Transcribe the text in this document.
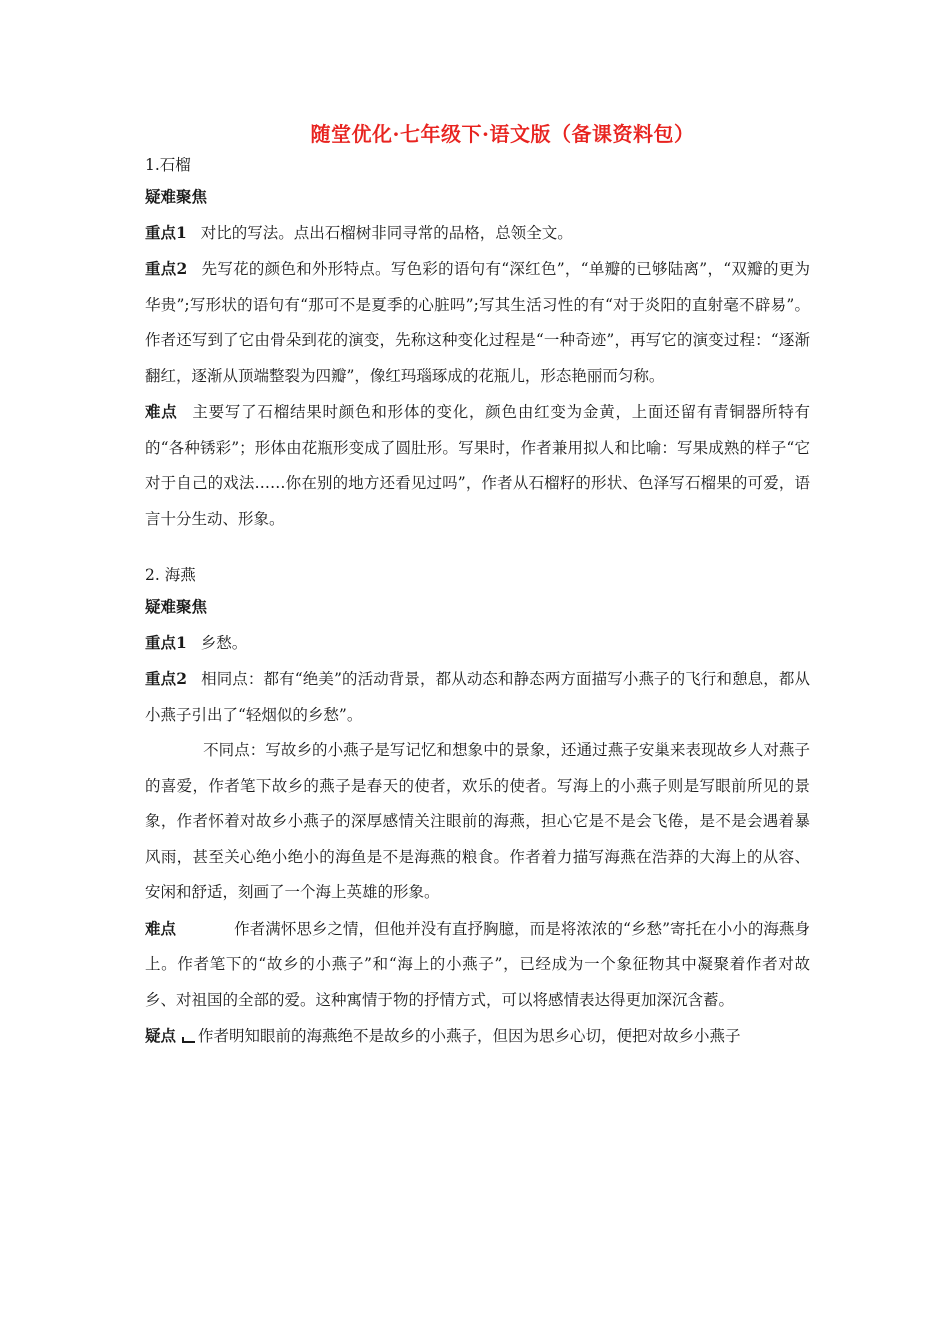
随堂优化·七年级下·语文版（备课资料包）

1.石榴

疑难聚焦

重点1 对比的写法。点出石榴树非同寻常的品格，总领全文。

重点2 先写花的颜色和外形特点。写色彩的语句有“深红色”，“单瓣的已够陆离”，“双瓣的更为华贵”;写形状的语句有“那可不是夏季的心脏吗”;写其生活习性的有“对于炎阳的直射毫不辟易”。作者还写到了它由骨朵到花的演变，先称这种变化过程是“一种奇迹”，再写它的演变过程：“逐渐翻红，逐渐从顶端整裂为四瓣”，像红玛瑙琢成的花瓶儿，形态艳丽而匀称。

难点 主要写了石榴结果时颜色和形体的变化，颜色由红变为金黄，上面还留有青铜器所特有的“各种锈彩”；形体由花瓶形变成了圆肚形。写果时，作者兼用拟人和比喻：写果成熟的样子“它对于自己的戏法……你在别的地方还看见过吗”，作者从石榴籽的形状、色泽写石榴果的可爱，语言十分生动、形象。

2. 海燕

疑难聚焦

重点1 乡愁。

重点2 相同点：都有“绝美”的活动背景，都从动态和静态两方面描写小燕子的飞行和憩息，都从小燕子引出了“轻烟似的乡愁”。

不同点：写故乡的小燕子是写记忆和想象中的景象，还通过燕子安巢来表现故乡人对燕子的喜爱，作者笔下故乡的燕子是春天的使者，欢乐的使者。写海上的小燕子则是写眼前所见的景象，作者怀着对故乡小燕子的深厚感情关注眼前的海燕，担心它是不是会飞倦，是不是会遇着暴风雨，甚至关心绝小绝小的海鱼是不是海燕的粮食。作者着力描写海燕在浩莽的大海上的从容、安闲和舒适，刻画了一个海上英雄的形象。

难点	作者满怀思乡之情，但他并没有直抒胸臆，而是将浓浓的“乡愁”寄托在小小的海燕身上。作者笔下的“故乡的小燕子”和“海上的小燕子”，已经成为一个象征物其中凝聚着作者对故乡、对祖国的全部的爱。这种寓情于物的抒情方式，可以将感情表达得更加深沉含蓄。

疑点 作者明知眼前的海燕绝不是故乡的小燕子，但因为思乡心切，便把对故乡小燕子
